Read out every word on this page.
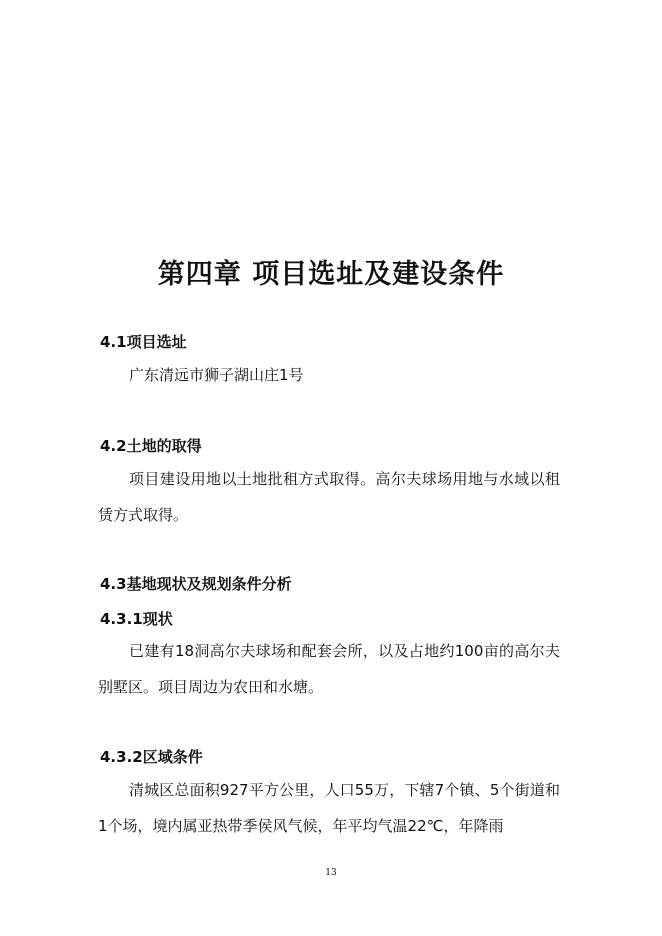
第四章 项目选址及建设条件
4.1项目选址

广东清远市狮子湖山庄1号

4.2土地的取得

项目建设用地以土地批租方式取得。高尔夫球场用地与水域以租赁方式取得。

4.3基地现状及规划条件分析
4.3.1现状

已建有18洞高尔夫球场和配套会所，以及占地约100亩的高尔夫别墅区。项目周边为农田和水塘。

4.3.2区域条件

清城区总面积927平方公里，人口55万，下辖7个镇、5个街道和1个场，境内属亚热带季侯风气候，年平均气温22℃，年降雨

13
